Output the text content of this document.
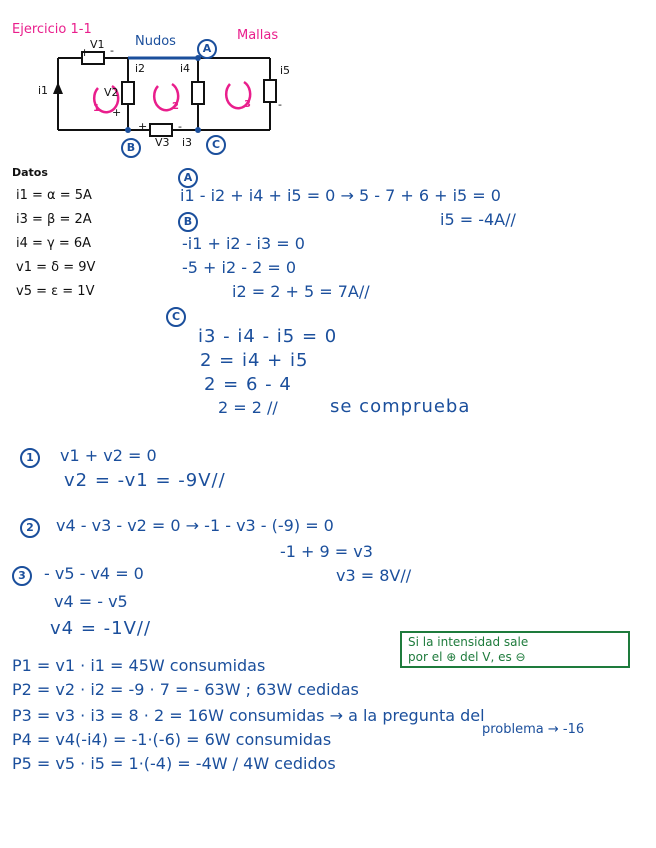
Ejercicio 1-1
Nudos	Mallas
V1
i1	V2
i2	i4	i5
V3 i3
+ -
+	-
+
-
1	2	3
A
B	C
Datos
i1 = α = 5A
i3 = β = 2A
i4 = γ = 6A
v1 = δ = 9V
v5 = ε = 1V
A
i1 - i2 + i4 + i5 = 0 → 5 - 7 + 6 + i5 = 0
i5 = -4A//
B
-i1 + i2 - i3 = 0
-5 + i2 - 2 = 0
i2 = 2 + 5 = 7A//
C
i3 - i4 - i5 = 0
2 = i4 + i5
2 = 6 - 4
2 = 2 //	se comprueba
1	v1 + v2 = 0
v2 = -v1 = -9V//
2	v4 - v3 - v2 = 0 → -1 - v3 - (-9) = 0
-1 + 9 = v3
v3 = 8V//
3	- v5 - v4 = 0
v4 = - v5
v4 = -1V//
Si la intensidad sale
por el ⊕ del V, es ⊖
P1 = v1 · i1 = 45W consumidas
P2 = v2 · i2 = -9 · 7 = - 63W ; 63W cedidas
P3 = v3 · i3 = 8 · 2 = 16W consumidas → a la pregunta del
problema → -16
P4 = v4(-i4) = -1·(-6) = 6W consumidas
P5 = v5 · i5 = 1·(-4) = -4W / 4W cedidos
